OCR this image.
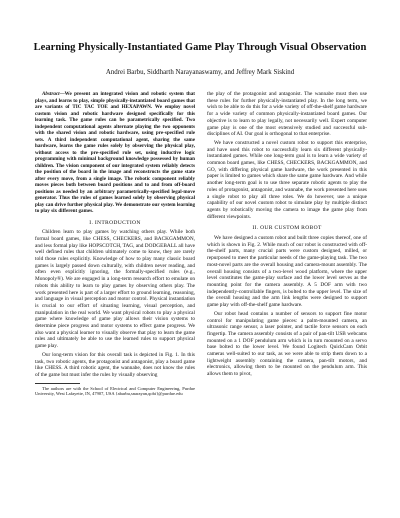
Learning Physically-Instantiated Game Play Through Visual Observation
Andrei Barbu, Siddharth Narayanaswamy, and Jeffrey Mark Siskind

Abstract—We present an integrated vision and robotic system that plays, and learns to play, simple physically-instantiated board games that are variants of TIC TAC TOE and HEXAPAWN. We employ novel custom vision and robotic hardware designed specifically for this learning task. The game rules can be parametrically specified. Two independent computational agents alternate playing the two opponents with the shared vision and robotic hardware, using pre-specified rule sets. A third independent computational agent, sharing the same hardware, learns the game rules solely by observing the physical play, without access to the pre-specified rule set, using inductive logic programming with minimal background knowledge possessed by human children. The vision component of our integrated system reliably detects the position of the board in the image and reconstructs the game state after every move, from a single image. The robotic component reliably moves pieces both between board positions and to and from off-board positions as needed by an arbitrary parametrically-specified legal-move generator. Thus the rules of games learned solely by observing physical play can drive further physical play. We demonstrate our system learning to play six different games.

I. INTRODUCTION

Children learn to play games by watching others play. While both formal board games, like CHESS, CHECKERS, and BACKGAMMON, and less formal play like HOPSCOTCH, TAG, and DODGEBALL all have well defined rules that children ultimately come to know, they are rarely told those rules explicitly. Knowledge of how to play many classic board games is largely passed down culturally, with children never reading, and often even explicitly ignoring, the formally-specified rules (e.g., Monopoly®). We are engaged in a long-term research effort to emulate on robots this ability to learn to play games by observing others play. The work presented here is part of a larger effort to ground learning, reasoning, and language in visual perception and motor control. Physical instantiation is crucial to our effort of situating learning, visual perception, and manipulation in the real world. We want physical robots to play a physical game where knowledge of game play allows their vision systems to determine piece progress and motor systems to effect game progress. We also want a physical learner to visually observe that play to learn the game rules and ultimately be able to use the learned rules to support physical game play.

Our long-term vision for this overall task is depicted in Fig. 1. In this task, two robotic agents, the protagonist and antagonist, play a board game like CHESS. A third robotic agent, the wannabe, does not know the rules of the game but must infer the rules by visually observing

The authors are with the School of Electrical and Computer Engineering, Purdue University, West Lafayette, IN, 47907, USA {abarbu,snarayan,qobi}@purdue.edu

the play of the protagonist and antagonist. The wannabe must then use these rules for further physically-instantiated play. In the long term, we wish to be able to do this for a wide variety of off-the-shelf game hardware for a wide variety of common physically-instantiated board games. Our objective is to learn to play legally, not necessarily well. Expert computer game play is one of the most extensively studied and successful sub-disciplines of AI. Our goal is orthogonal to that enterprise.

We have constructed a novel custom robot to support this enterprise, and have used this robot to successfully learn six different physically-instantiated games. While one long-term goal is to learn a wide variety of common board games, like CHESS, CHECKERS, BACKGAMMON, and GO, with differing physical game hardware, the work presented in this paper is limited to games which share the same game hardware. And while another long-term goal is to use three separate robotic agents to play the roles of protagonist, antagonist, and wannabe, the work presented here uses a single robot to play all three roles. We do however, use a unique capability of our novel custom robot to simulate play by multiple distinct agents by robotically moving the camera to image the game play from different viewpoints.

II. OUR CUSTOM ROBOT

We have designed a custom robot and built three copies thereof, one of which is shown in Fig. 2. While much of our robot is constructed with off-the-shelf parts, many crucial parts were custom designed, milled, or repurposed to meet the particular needs of the game-playing task. The two most-novel parts are the overall housing and camera-mount assembly. The overall housing consists of a two-level wood platform, where the upper level constitutes the game-play surface and the lower level serves as the mounting point for the camera assembly. A 5 DOF arm with two independently-controllable fingers, is bolted to the upper level. The size of the overall housing and the arm link lengths were designed to support game play with off-the-shelf game hardware.

Our robot head contains a number of sensors to support fine motor control for manipulating game pieces: a palm-mounted camera, an ultrasonic range sensor, a laser pointer, and tactile force sensors on each fingertip. The camera assembly consists of a pair of pan-tilt USB webcams mounted on a 1 DOF pendulum arm which is in turn mounted on a servo base bolted to the lower level. We found Logitech QuickCam Orbit cameras well-suited to our task, as we were able to strip them down to a lightweight assembly containing the camera, pan-tilt motors, and electronics, allowing them to be mounted on the pendulum arm. This allows them to pivot,
